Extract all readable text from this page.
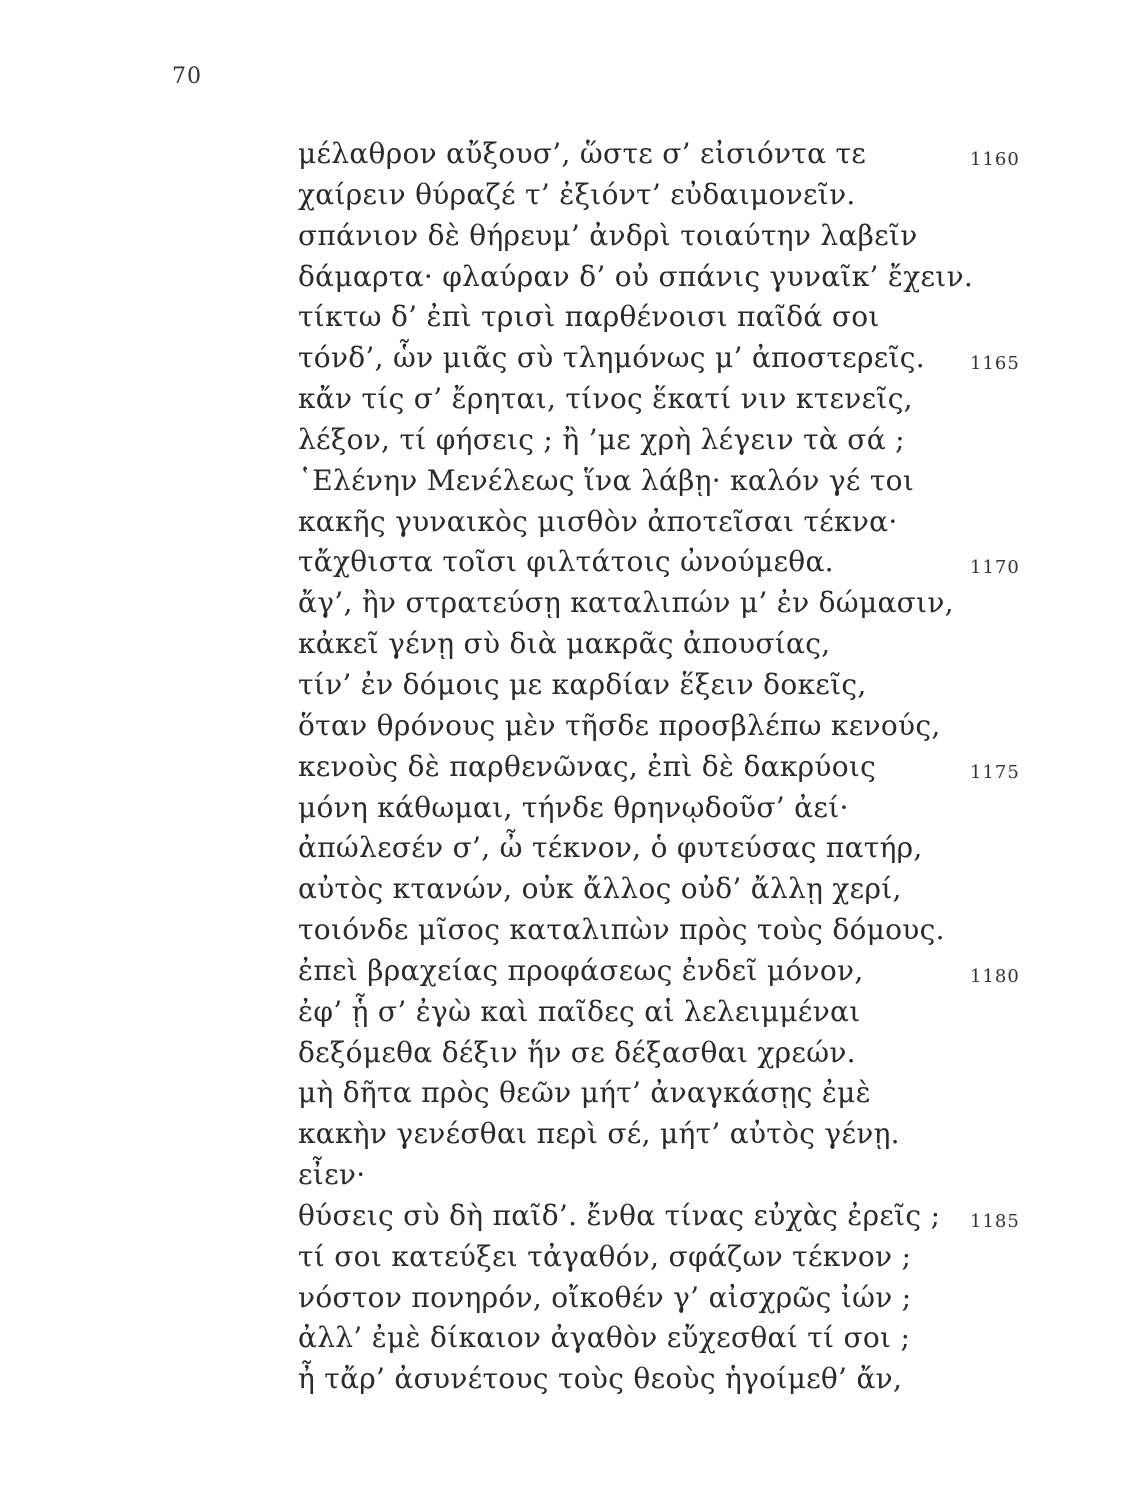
70
μέλαθρον αὔξουσ’, ὥστε σ’ εἰσιόντα τε	1160
χαίρειν θύραζέ τ’ ἐξιόντ’ εὐδαιμονεῖν.
σπάνιον δὲ θήρευμ’ ἀνδρὶ τοιαύτην λαβεῖν
δάμαρτα· φλαύραν δ’ οὐ σπάνις γυναῖκ’ ἔχειν.
τίκτω δ’ ἐπὶ τρισὶ παρθένοισι παῖδά σοι
τόνδ’, ὧν μιᾶς σὺ τλημόνως μ’ ἀποστερεῖς.	1165
κἄν τίς σ’ ἔρηται, τίνος ἕκατί νιν κτενεῖς,
λέξον, τί φήσεις ; ἢ ’με χρὴ λέγειν τὰ σά ;
῾Ελένην Μενέλεως ἵνα λάβῃ· καλόν γέ τοι
κακῆς γυναικὸς μισθὸν ἀποτεῖσαι τέκνα·
τἄχθιστα τοῖσι φιλτάτοις ὠνούμεθα.	1170
ἄγ’, ἢν στρατεύσῃ καταλιπών μ’ ἐν δώμασιν,
κἀκεῖ γένῃ σὺ διὰ μακρᾶς ἀπουσίας,
τίν’ ἐν δόμοις με καρδίαν ἕξειν δοκεῖς,
ὅταν θρόνους μὲν τῆσδε προσβλέπω κενούς,
κενοὺς δὲ παρθενῶνας, ἐπὶ δὲ δακρύοις	1175
μόνη κάθωμαι, τήνδε θρηνῳδοῦσ’ ἀεί·
ἀπώλεσέν σ’, ὦ τέκνον, ὁ φυτεύσας πατήρ,
αὐτὸς κτανών, οὐκ ἄλλος οὐδ’ ἄλλῃ χερί,
τοιόνδε μῖσος καταλιπὼν πρὸς τοὺς δόμους.
ἐπεὶ βραχείας προφάσεως ἐνδεῖ μόνον,	1180
ἐφ’ ᾗ σ’ ἐγὼ καὶ παῖδες αἱ λελειμμέναι
δεξόμεθα δέξιν ἥν σε δέξασθαι χρεών.
μὴ δῆτα πρὸς θεῶν μήτ’ ἀναγκάσῃς ἐμὲ
κακὴν γενέσθαι περὶ σέ, μήτ’ αὐτὸς γένῃ.
εἶεν·
θύσεις σὺ δὴ παῖδ’. ἔνθα τίνας εὐχὰς ἐρεῖς ; 1185
τί σοι κατεύξει τἀγαθόν, σφάζων τέκνον ;
νόστον πονηρόν, οἴκοθέν γ’ αἰσχρῶς ἰών ;
ἀλλ’ ἐμὲ δίκαιον ἀγαθὸν εὔχεσθαί τί σοι ;
ἦ τἄρ’ ἀσυνέτους τοὺς θεοὺς ἡγοίμεθ’ ἄν,
